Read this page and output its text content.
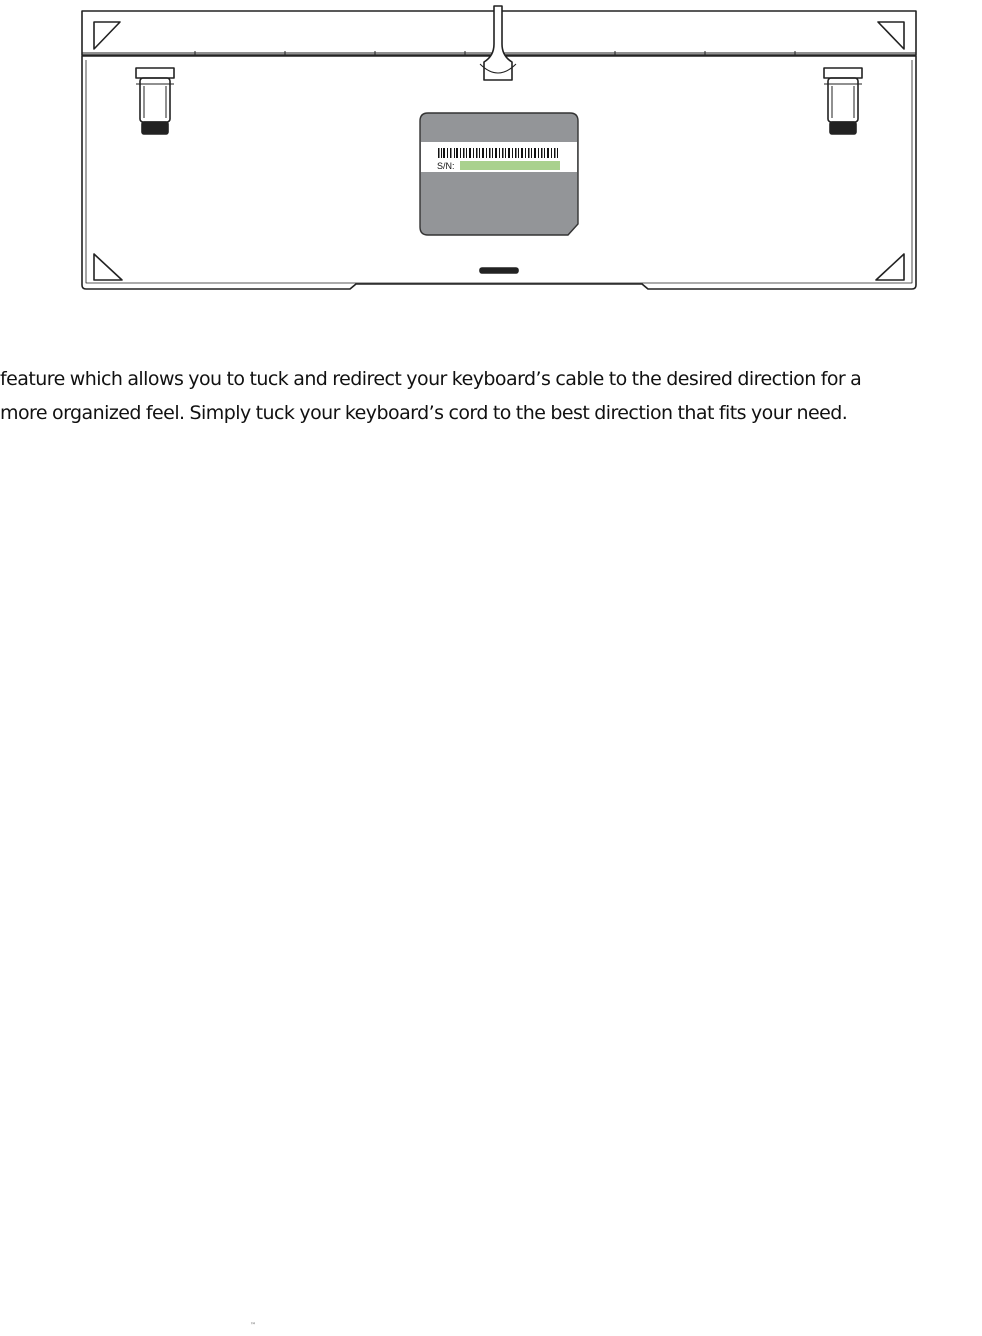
S/N:

feature which allows you to tuck and redirect your keyboard’s cable to the desired direction for a
more organized feel. Simply tuck your keyboard’s cord to the best direction that fits your need.

™
